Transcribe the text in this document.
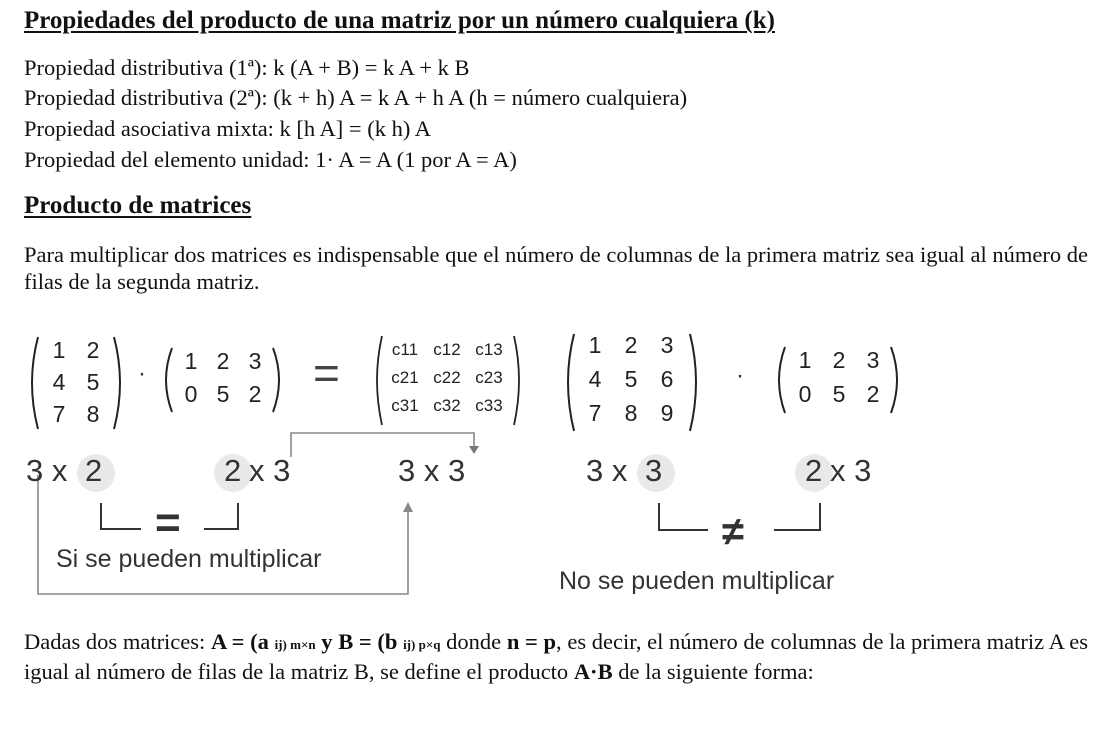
Propiedades del producto de una matriz por un número cualquiera (k)
Propiedad distributiva (1ª): k (A + B) = k A + k B
Propiedad distributiva (2ª): (k + h) A = k A + h A (h = número cualquiera)
Propiedad asociativa mixta: k [h A] = (k h) A
Propiedad del elemento unidad: 1· A = A (1 por A = A)
Producto de matrices
Para multiplicar dos matrices es indispensable que el número de columnas de la primera matriz sea igual al número de filas de la segunda matriz.
1 2
4 5
7 8
·	1 2 3
0 5 2 =	c11 c12 c13
c21 c22 c23
c31 c32 c33
3 x 2	2 x 3	3 x 3
=
Si se pueden multiplicar
1	2	3
4	5	6
7	8	9
·
1 2 3
0 5 2
3 x 3	2 x 3
≠
No se pueden multiplicar
Dadas dos matrices: A = (a ij) m×n y B = (b ij) p×q donde n = p, es decir, el número de columnas de la primera matriz A es igual al número de filas de la matriz B, se define el producto A·B de la siguiente forma:
